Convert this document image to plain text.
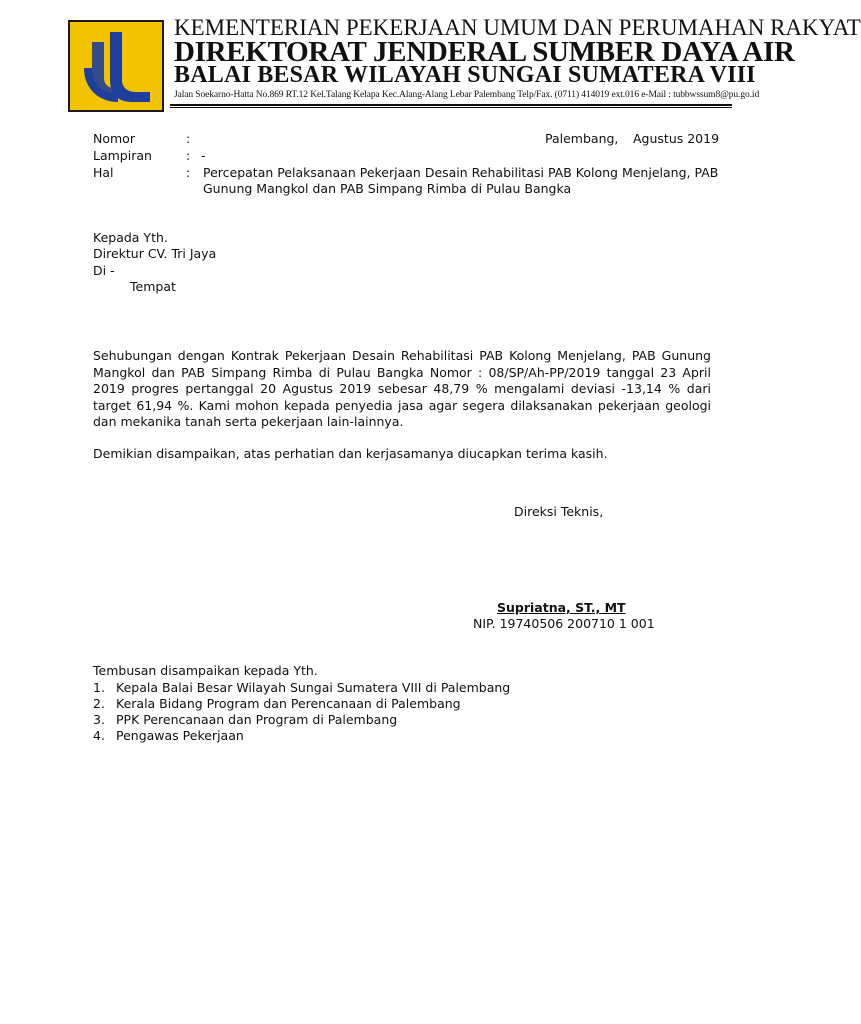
KEMENTERIAN PEKERJAAN UMUM DAN PERUMAHAN RAKYAT
DIREKTORAT JENDERAL SUMBER DAYA AIR
BALAI BESAR WILAYAH SUNGAI SUMATERA VIII
Jalan Soekarno-Hatta No.869 RT.12 Kel.Talang Kelapa Kec.Alang-Alang Lebar Palembang Telp/Fax. (0711) 414019 ext.016 e-Mail : tubbwssum8@pu.go.id
Nomor	:	Palembang, Agustus 2019
Lampiran	: -
Hal	: Percepatan Pelaksanaan Pekerjaan Desain Rehabilitasi PAB Kolong Menjelang, PAB
Gunung Mangkol dan PAB Simpang Rimba di Pulau Bangka
Kepada Yth.
Direktur CV. Tri Jaya
Di -
Tempat
Sehubungan dengan Kontrak Pekerjaan Desain Rehabilitasi PAB Kolong Menjelang, PAB Gunung Mangkol dan PAB Simpang Rimba di Pulau Bangka Nomor : 08/SP/Ah-PP/2019 tanggal 23 April 2019 progres pertanggal 20 Agustus 2019 sebesar 48,79 % mengalami deviasi -13,14 % dari target 61,94 %. Kami mohon kepada penyedia jasa agar segera dilaksanakan pekerjaan geologi dan mekanika tanah serta pekerjaan lain-lainnya.
Demikian disampaikan, atas perhatian dan kerjasamanya diucapkan terima kasih.
Direksi Teknis,
Supriatna, ST., MT
NIP. 19740506 200710 1 001
Tembusan disampaikan kepada Yth.
1. Kepala Balai Besar Wilayah Sungai Sumatera VIII di Palembang
2. Kerala Bidang Program dan Perencanaan di Palembang
3. PPK Perencanaan dan Program di Palembang
4. Pengawas Pekerjaan
